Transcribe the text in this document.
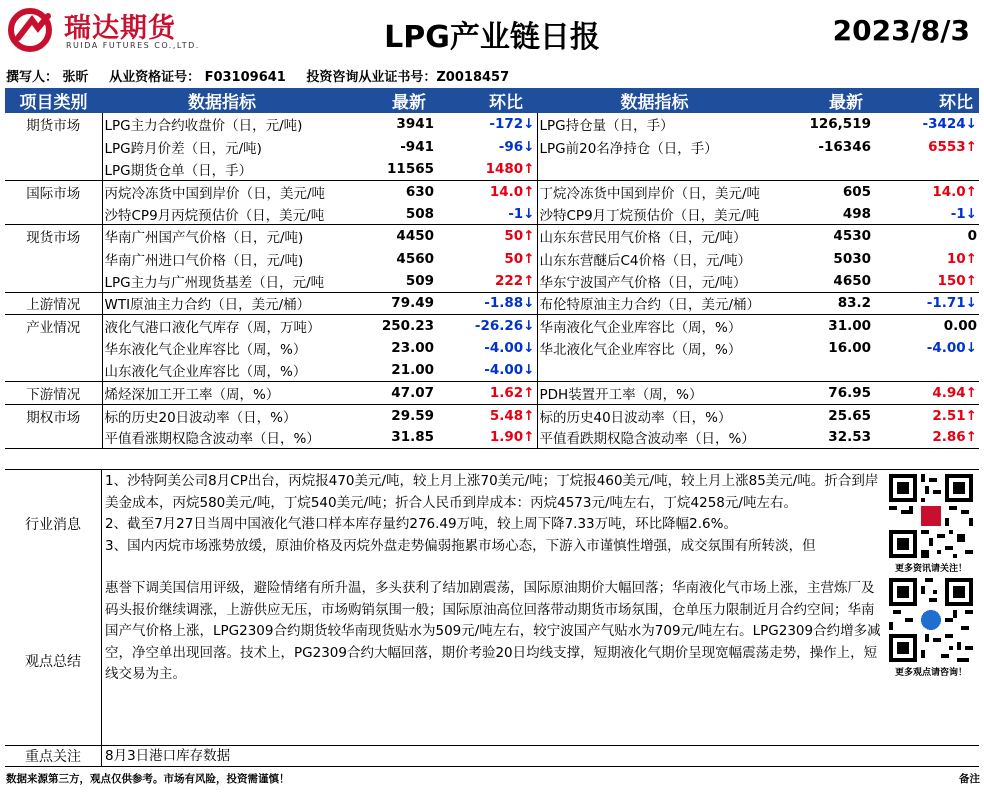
瑞达期货
RUIDA FUTURES CO.,LTD.	LPG产业链日报	2023/8/3
撰写人： 张昕 从业资格证号： F03109641 投资咨询从业证书号：Z0018457
项目类别	数据指标	最新	环比	数据指标	最新	环比
期货市场	LPG主力合约收盘价（日，元/吨)	3941	-172↓	LPG持仓量（日，手）	126,519	-3424↓
	LPG跨月价差（日，元/吨)	-941	-96↓	LPG前20名净持仓（日，手）	-16346	6553↑
	LPG期货仓单（日，手）	11565	1480↑			
国际市场	丙烷冷冻货中国到岸价（日，美元/吨	630	14.0↑	丁烷冷冻货中国到岸价（日，美元/吨	605	14.0↑
	沙特CP9月丙烷预估价（日，美元/吨	508	-1↓	沙特CP9月丁烷预估价（日，美元/吨	498	-1↓
现货市场	华南广州国产气价格（日，元/吨)	4450	50↑	山东东营民用气价格（日，元/吨）	4530	0
	华南广州进口气价格（日，元/吨)	4560	50↑	山东东营醚后C4价格（日，元/吨）	5030	10↑
	LPG主力与广州现货基差（日，元/吨	509	222↑	华东宁波国产气价格（日，元/吨）	4650	150↑
上游情况	WTI原油主力合约（日，美元/桶）	79.49	-1.88↓	布伦特原油主力合约（日，美元/桶）	83.2	-1.71↓
产业情况	液化气港口液化气库存（周，万吨）	250.23	-26.26↓	华南液化气企业库容比（周，%）	31.00	0.00
	华东液化气企业库容比（周，%）	23.00	-4.00↓	华北液化气企业库容比（周，%）	16.00	-4.00↓
	山东液化气企业库容比（周，%）	21.00	-4.00↓			
下游情况	烯烃深加工开工率（周，%）	47.07	1.62↑	PDH装置开工率（周，%）	76.95	4.94↑
期权市场	标的历史20日波动率（日，%）	29.59	5.48↑	标的历史40日波动率（日，%）	25.65	2.51↑
	平值看涨期权隐含波动率（日，%）	31.85	1.90↑	平值看跌期权隐含波动率（日，%）	32.53	2.86↑
行业消息
1、沙特阿美公司8月CP出台，丙烷报470美元/吨，较上月上涨70美元/吨；丁烷报460美元/吨，较上月上涨85美元/吨。折合到岸美金成本，丙烷580美元/吨，丁烷540美元/吨；折合人民币到岸成本：丙烷4573元/吨左右，丁烷4258元/吨左右。
2、截至7月27日当周中国液化气港口样本库存量约276.49万吨，较上周下降7.33万吨，环比降幅2.6%。
3、国内丙烷市场涨势放缓，原油价格及丙烷外盘走势偏弱拖累市场心态，下游入市谨慎性增强，成交氛围有所转淡，但
观点总结
惠誉下调美国信用评级，避险情绪有所升温，多头获利了结加剧震荡，国际原油期价大幅回落；华南液化气市场上涨，主营炼厂及码头报价继续调涨，上游供应无压，市场购销氛围一般；国际原油高位回落带动期货市场氛围，仓单压力限制近月合约空间；华南国产气价格上涨，LPG2309合约期货较华南现货贴水为509元/吨左右，较宁波国产气贴水为709元/吨左右。LPG2309合约增多减空，净空单出现回落。技术上，PG2309合约大幅回落，期价考验20日均线支撑，短期液化气期价呈现宽幅震荡走势，操作上，短线交易为主。
更多资讯请关注！
更多观点请咨询！
重点关注	8月3日港口库存数据
数据来源第三方，观点仅供参考。市场有风险，投资需谨慎！	备注
